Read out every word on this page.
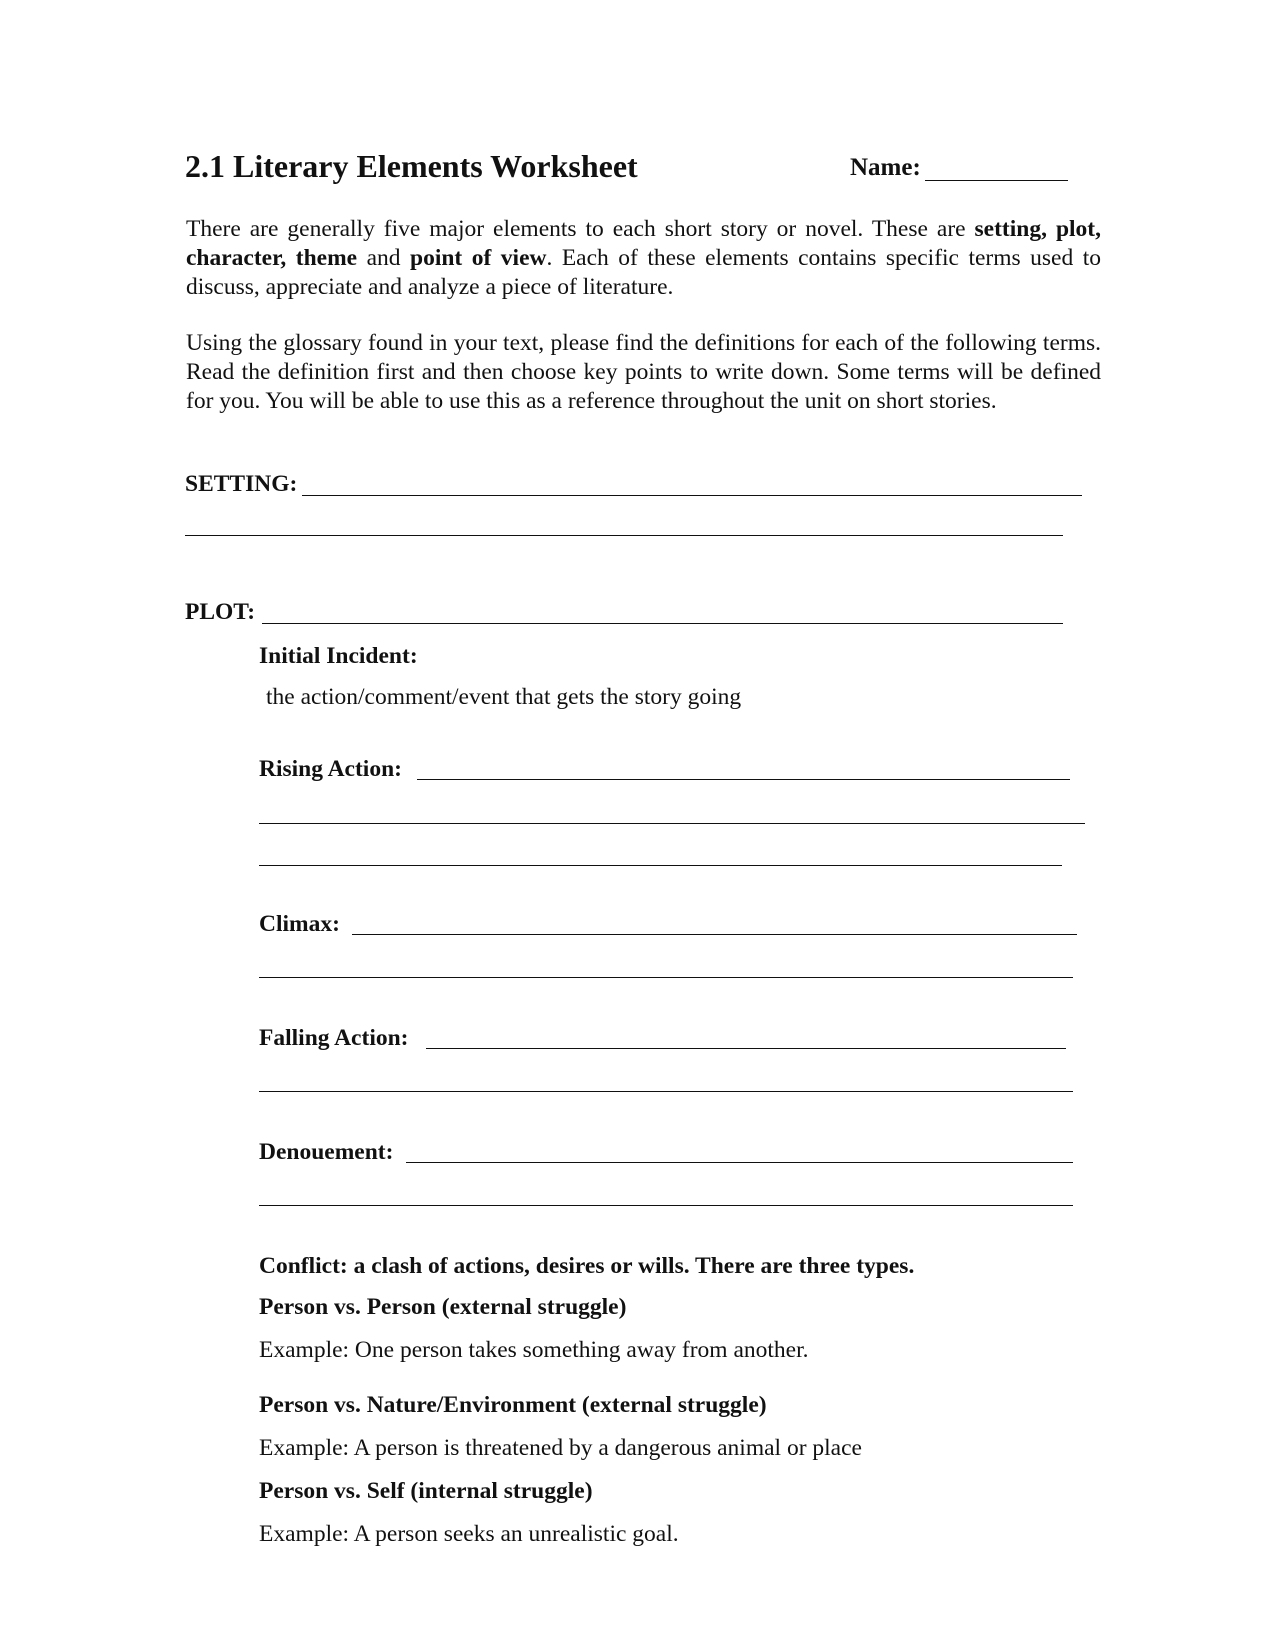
2.1 Literary Elements Worksheet	Name:

There are generally five major elements to each short story or novel. These are setting, plot, character, theme and point of view. Each of these elements contains specific terms used to discuss, appreciate and analyze a piece of literature.

Using the glossary found in your text, please find the definitions for each of the following terms. Read the definition first and then choose key points to write down. Some terms will be defined for you. You will be able to use this as a reference throughout the unit on short stories.

SETTING:
PLOT:
Initial Incident:
the action/comment/event that gets the story going
Rising Action:
Climax:
Falling Action:
Denouement:
Conflict: a clash of actions, desires or wills. There are three types.
Person vs. Person (external struggle)
Example: One person takes something away from another.
Person vs. Nature/Environment (external struggle)
Example: A person is threatened by a dangerous animal or place
Person vs. Self (internal struggle)
Example: A person seeks an unrealistic goal.
